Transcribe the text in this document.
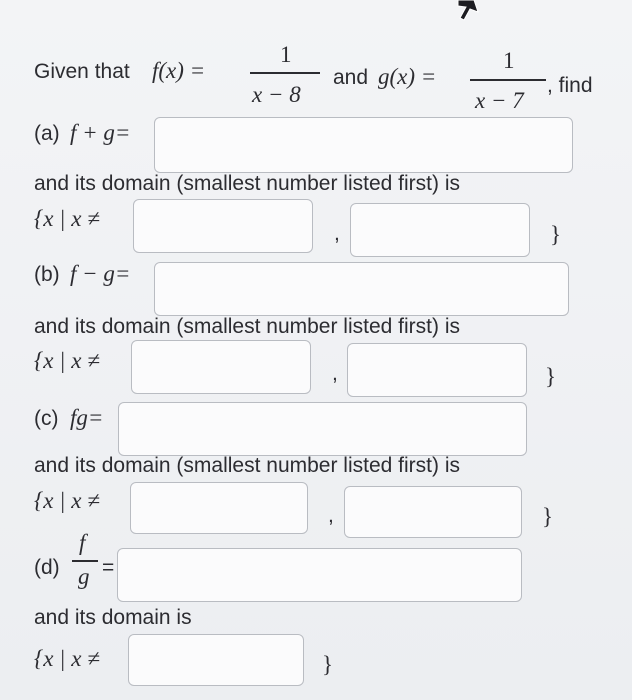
Given that f(x) =
1
x − 8
and g(x) =
1
x − 7
, find
(a) f + g=
and its domain (smallest number listed first) is
{x | x ≠
,	}
(b) f − g=
and its domain (smallest number listed first) is
{x | x ≠
,	}
(c) fg=
and its domain (smallest number listed first) is
{x | x ≠
,	}
(d)
f
g =
and its domain is
{x | x ≠	}
